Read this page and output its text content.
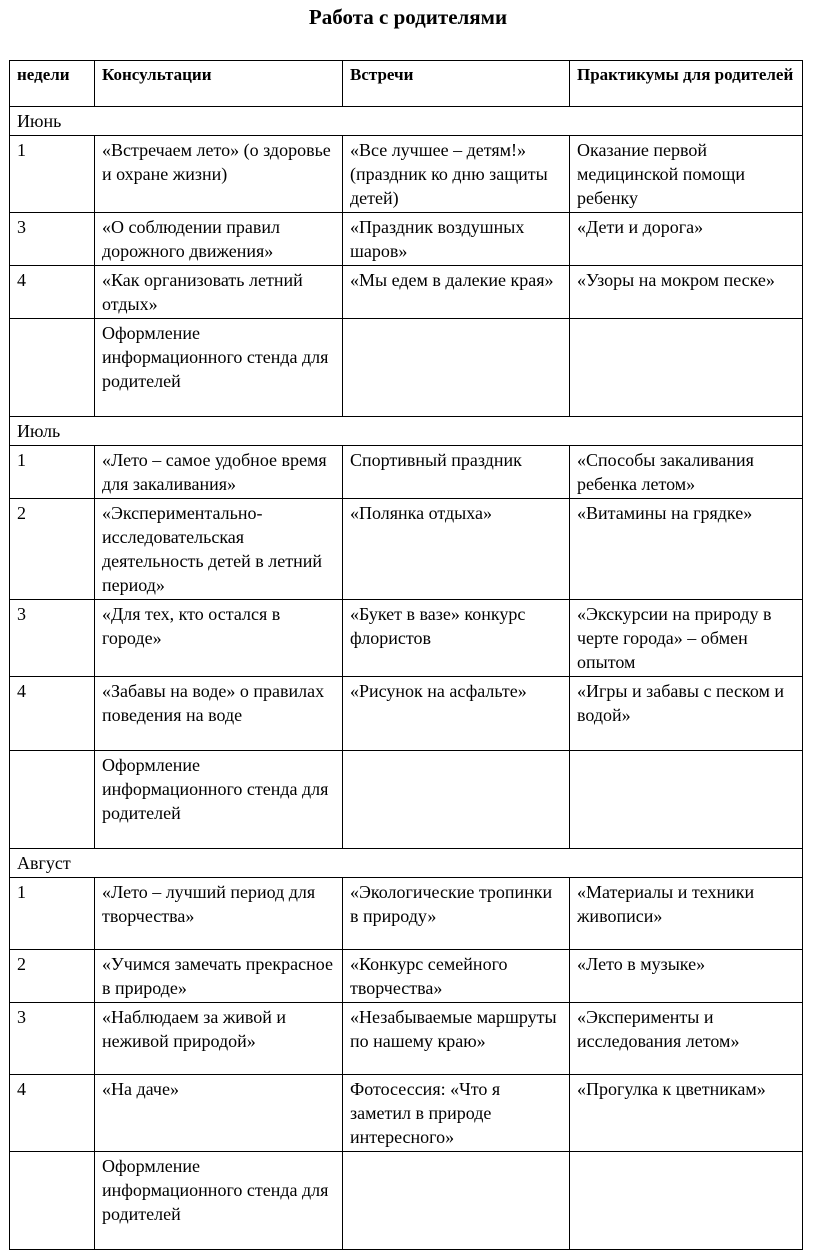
Работа с родителями
недели	Консультации	Встречи	Практикумы для родителей
Июнь			
1	«Встречаем лето» (о здоровье и охране жизни)	«Все лучшее – детям!» (праздник ко дню защиты детей)	Оказание первой медицинской помощи ребенку
3	«О соблюдении правил дорожного движения»	«Праздник воздушных шаров»	«Дети и дорога»
4	«Как организовать летний отдых»	«Мы едем в далекие края»	«Узоры на мокром песке»
	Оформление информационного стенда для родителей		
Июль			
1	«Лето – самое удобное время для закаливания»	Спортивный праздник	«Способы закаливания ребенка летом»
2	«Экспериментально-исследовательская деятельность детей в летний период»	«Полянка отдыха»	«Витамины на грядке»
3	«Для тех, кто остался в городе»	«Букет в вазе» конкурс флористов	«Экскурсии на природу в черте города» – обмен опытом
4	«Забавы на воде» о правилах поведения на воде	«Рисунок на асфальте»	«Игры и забавы с песком и водой»
	Оформление информационного стенда для родителей		
Август			
1	«Лето – лучший период для творчества»	«Экологические тропинки в природу»	«Материалы и техники живописи»
2	«Учимся замечать прекрасное в природе»	«Конкурс семейного творчества»	«Лето в музыке»
3	«Наблюдаем за живой и неживой природой»	«Незабываемые маршруты по нашему краю»	«Эксперименты и исследования летом»
4	«На даче»	Фотосессия: «Что я заметил в природе интересного»	«Прогулка к цветникам»
	Оформление информационного стенда для родителей		
